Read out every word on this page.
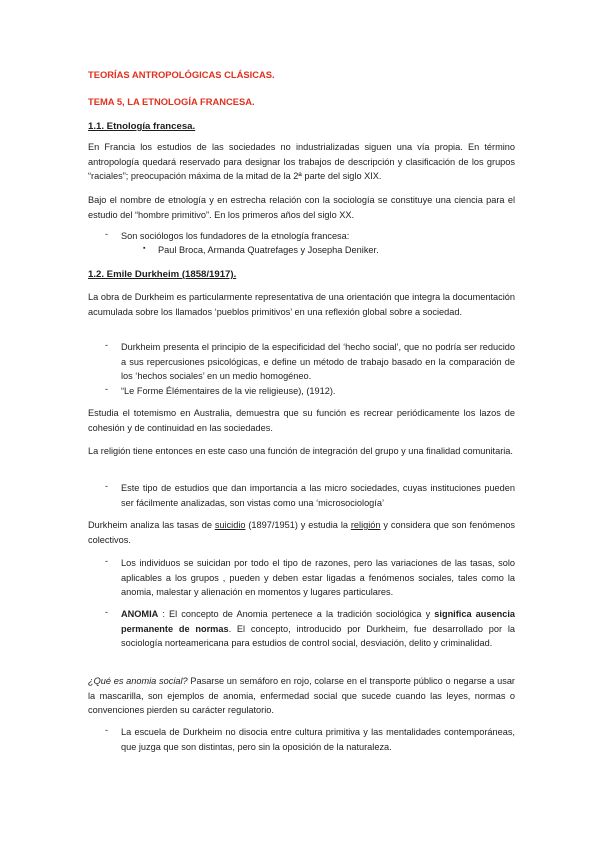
TEORÍAS ANTROPOLÓGICAS CLÁSICAS.
TEMA 5, LA ETNOLOGÍA FRANCESA.
1.1. Etnología francesa.
En Francia los estudios de las sociedades no industrializadas siguen una vía propia. En término antropología quedará reservado para designar los trabajos de descripción y clasificación de los grupos “raciales”; preocupación máxima de la mitad de la 2ª parte del siglo XIX.
Bajo el nombre de etnología y en estrecha relación con la sociología se constituye una ciencia para el estudio del “hombre primitivo”. En los primeros años del siglo XX.
- Son sociólogos los fundadores de la etnología francesa:
▪ Paul Broca, Armanda Quatrefages y Josepha Deniker.
1.2. Emile Durkheim (1858/1917).
La obra de Durkheim es particularmente representativa de una orientación que integra la documentación acumulada sobre los llamados ‘pueblos primitivos’ en una reflexión global sobre a sociedad.
- Durkheim presenta el principio de la especificidad del ‘hecho social’, que no podría ser reducido a sus repercusiones psicológicas, e define un método de trabajo basado en la comparación de los ‘hechos sociales’ en un medio homogéneo.
- “Le Forme Élémentaires de la vie religieuse), (1912).
Estudia el totemismo en Australia, demuestra que su función es recrear periódicamente los lazos de cohesión y de continuidad en las sociedades.
La religión tiene entonces en este caso una función de integración del grupo y una finalidad comunitaria.
- Este tipo de estudios que dan importancia a las micro sociedades, cuyas instituciones pueden ser fácilmente analizadas, son vistas como una ‘microsociología’
Durkheim analiza las tasas de suicidio (1897/1951) y estudia la religión y considera que son fenómenos colectivos.
- Los individuos se suicidan por todo el tipo de razones, pero las variaciones de las tasas, solo aplicables a los grupos , pueden y deben estar ligadas a fenómenos sociales, tales como la anomia, malestar y alienación en momentos y lugares particulares.
- ANOMIA : El concepto de Anomia pertenece a la tradición sociológica y significa ausencia permanente de normas. El concepto, introducido por Durkheim, fue desarrollado por la sociología norteamericana para estudios de control social, desviación, delito y criminalidad.
¿Qué es anomia social? Pasarse un semáforo en rojo, colarse en el transporte público o negarse a usar la mascarilla, son ejemplos de anomia, enfermedad social que sucede cuando las leyes, normas o convenciones pierden su carácter regulatorio.
- La escuela de Durkheim no disocia entre cultura primitiva y las mentalidades contemporáneas, que juzga que son distintas, pero sin la oposición de la naturaleza.
